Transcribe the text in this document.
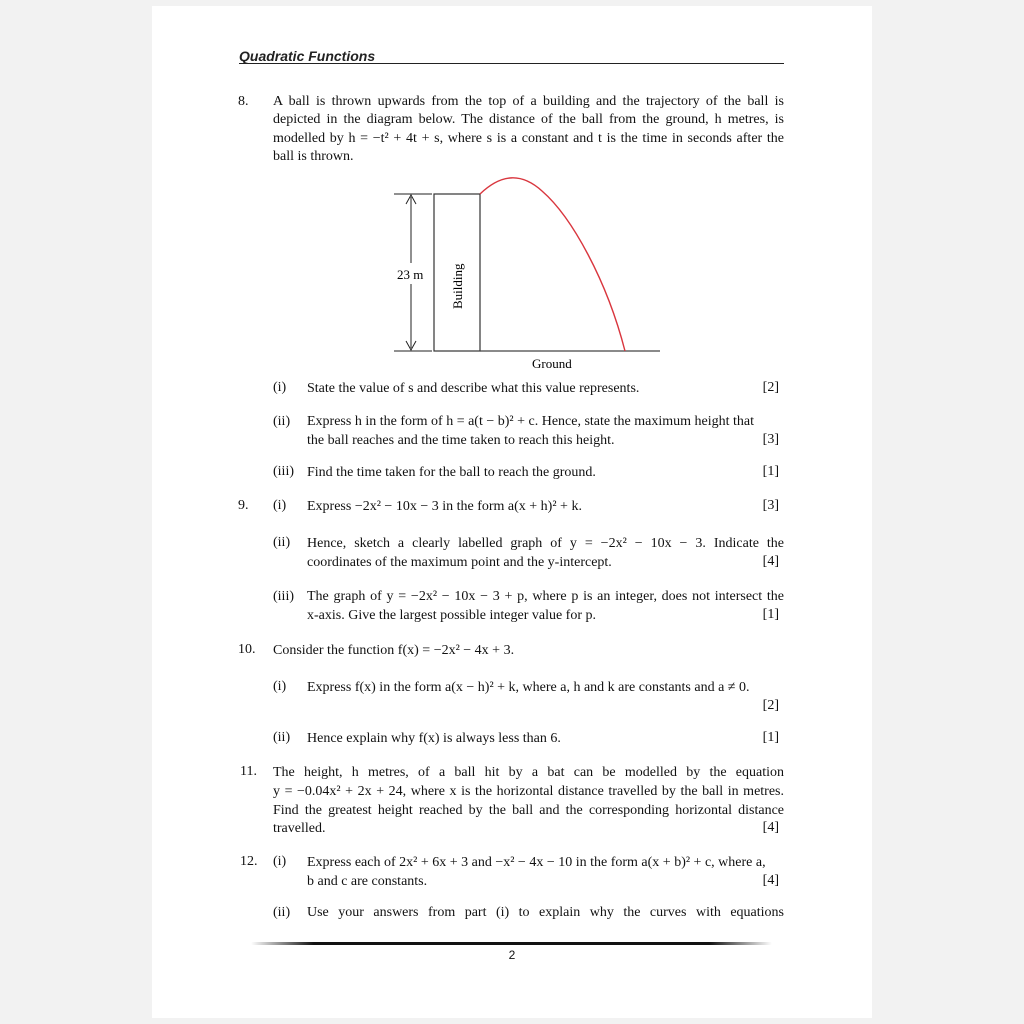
Quadratic Functions
8. A ball is thrown upwards from the top of a building and the trajectory of the ball is
depicted in the diagram below. The distance of the ball from the ground, h metres, is
modelled by h = −t² + 4t + s, where s is a constant and t is the time in seconds after the
ball is thrown.
23 m Building
Ground
(i) State the value of s and describe what this value represents.	[2]
(ii) Express h in the form of h = a(t − b)² + c. Hence, state the maximum height that
the ball reaches and the time taken to reach this height.	[3]
(iii) Find the time taken for the ball to reach the ground.	[1]
9. (i) Express −2x² − 10x − 3 in the form a(x + h)² + k.	[3]
(ii) Hence, sketch a clearly labelled graph of y = −2x² − 10x − 3. Indicate the
coordinates of the maximum point and the y-intercept.	[4]
(iii) The graph of y = −2x² − 10x − 3 + p, where p is an integer, does not intersect the
x-axis. Give the largest possible integer value for p.	[1]
10. Consider the function f(x) = −2x² − 4x + 3.
(i) Express f(x) in the form a(x − h)² + k, where a, h and k are constants and a ≠ 0.
[2]
(ii) Hence explain why f(x) is always less than 6.	[1]
11. The height, h metres, of a ball hit by a bat can be modelled by the equation
y = −0.04x² + 2x + 24, where x is the horizontal distance travelled by the ball in metres.
Find the greatest height reached by the ball and the corresponding horizontal distance
travelled.	[4]
12. (i) Express each of 2x² + 6x + 3 and −x² − 4x − 10 in the form a(x + b)² + c, where a,
b and c are constants.	[4]
(ii) Use your answers from part (i) to explain why the curves with equations
2
